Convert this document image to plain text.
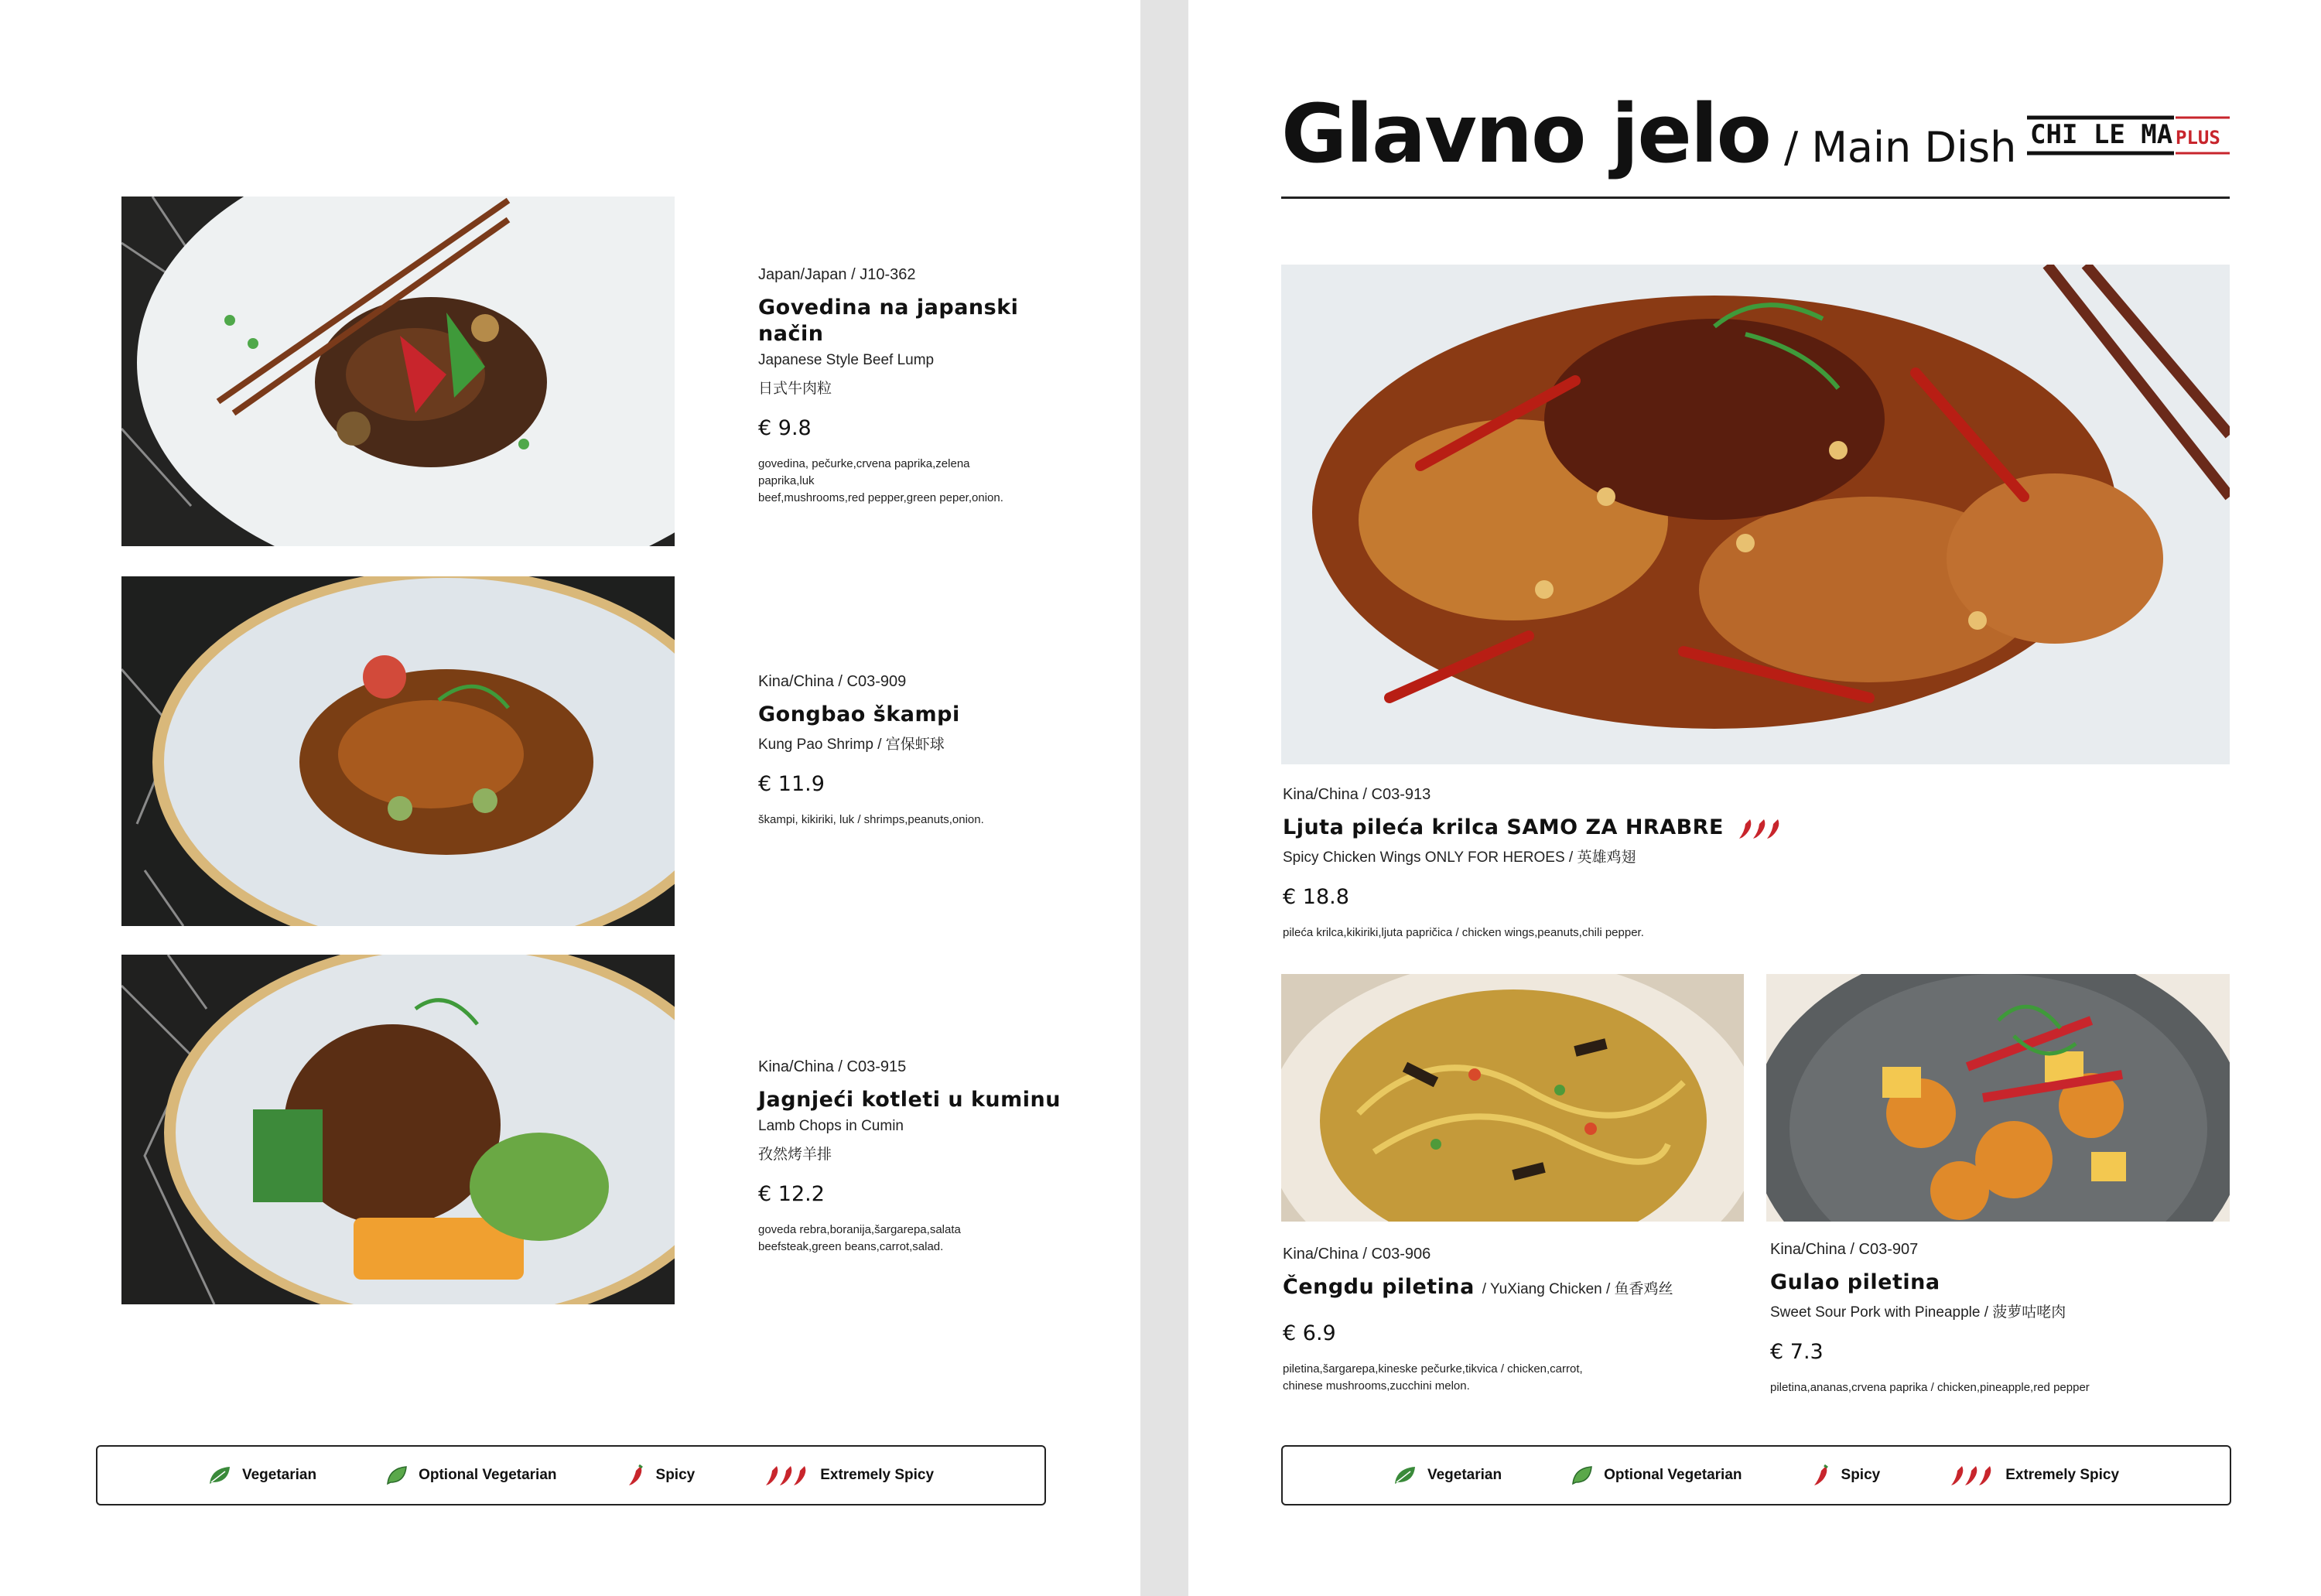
Japan/Japan / J10-362
Govedina na japanski
način
Japanese Style Beef Lump
日式牛肉粒
€ 9.8
govedina, pečurke,crvena paprika,zelena
paprika,luk
beef,mushrooms,red pepper,green peper,onion.
Kina/China / C03-909
Gongbao škampi
Kung Pao Shrimp / 宫保虾球
€ 11.9
škampi, kikiriki, luk / shrimps,peanuts,onion.
Kina/China / C03-915
Jagnjeći kotleti u kuminu
Lamb Chops in Cumin
孜然烤羊排
€ 12.2
goveda rebra,boranija,šargarepa,salata
beefsteak,green beans,carrot,salad.
Vegetarian	Optional Vegetarian	Spicy	Extremely Spicy
Glavno jelo / Main Dish CHI LE MA PLUS
Kina/China / C03-913
Ljuta pileća krilca SAMO ZA HRABRE
Spicy Chicken Wings ONLY FOR HEROES / 英雄鸡翅
€ 18.8
pileća krilca,kikiriki,ljuta papričica / chicken wings,peanuts,chili pepper.
Kina/China / C03-906
Čengdu piletina / YuXiang Chicken / 鱼香鸡丝
€ 6.9
piletina,šargarepa,kineske pečurke,tikvica / chicken,carrot,
chinese mushrooms,zucchini melon.
Kina/China / C03-907
Gulao piletina
Sweet Sour Pork with Pineapple / 菠萝咕咾肉
€ 7.3
piletina,ananas,crvena paprika / chicken,pineapple,red pepper
Vegetarian	Optional Vegetarian	Spicy	Extremely Spicy
